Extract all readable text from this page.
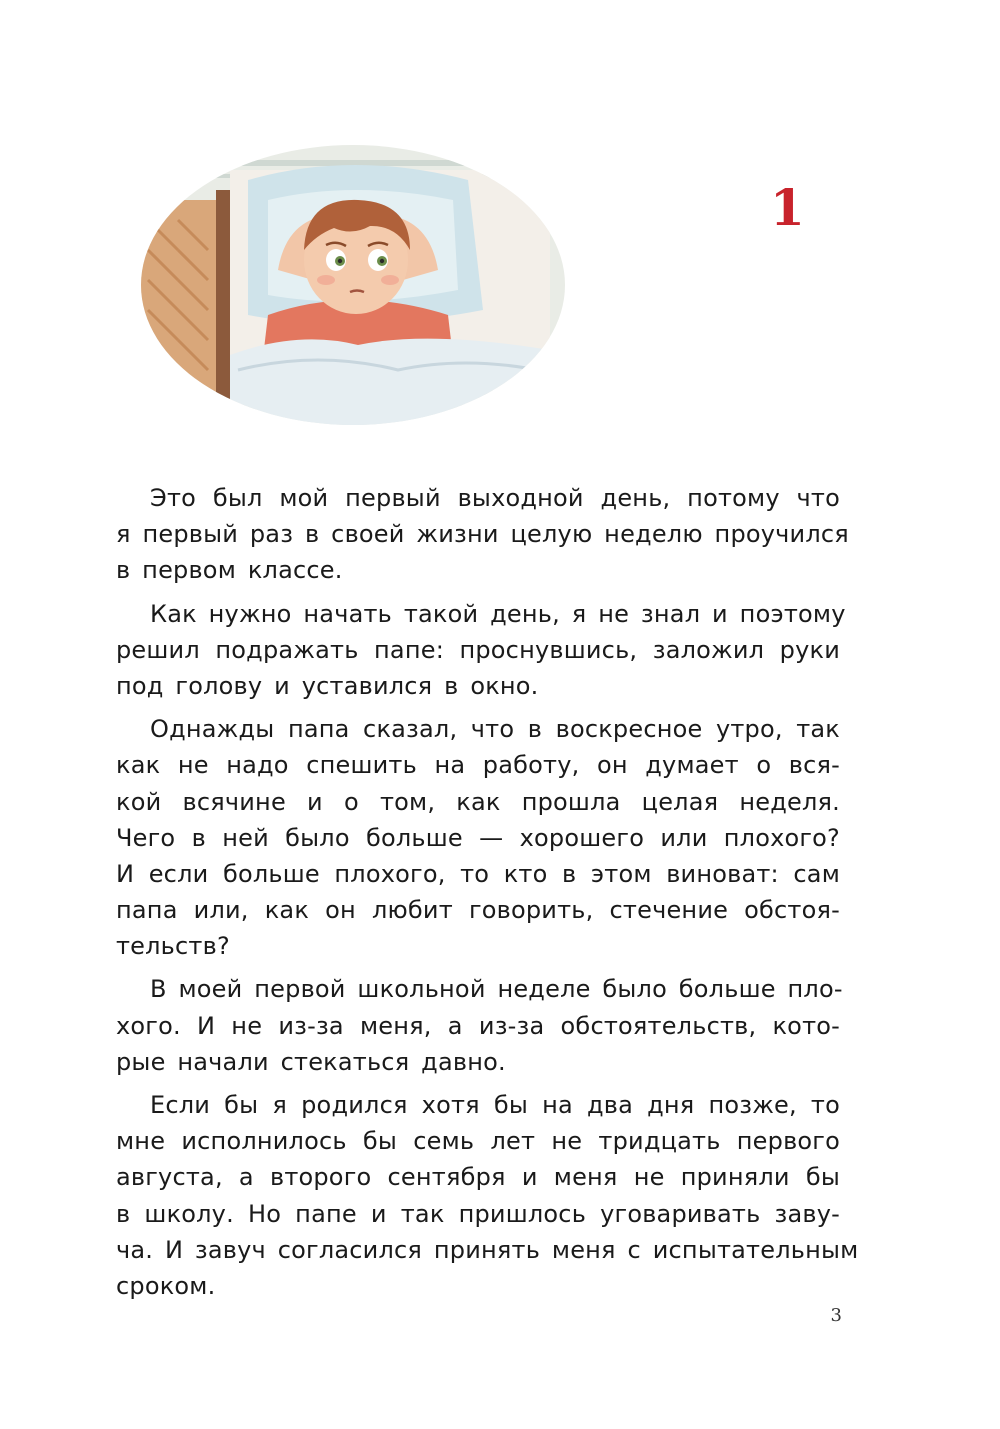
1
Это был мой первый выходной день, потому что
я первый раз в своей жизни целую неделю проучился
в первом классе.
Как нужно начать такой день, я не знал и поэтому
решил подражать папе: проснувшись, заложил руки
под голову и уставился в окно.
Однажды папа сказал, что в воскресное утро, так
как не надо спешить на работу, он думает о вся-
кой всячине и о том, как прошла целая неделя.
Чего в ней было больше — хорошего или плохого?
И если больше плохого, то кто в этом виноват: сам
папа или, как он любит говорить, стечение обстоя-
тельств?
В моей первой школьной неделе было больше пло-
хого. И не из-за меня, а из-за обстоятельств, кото-
рые начали стекаться давно.
Если бы я родился хотя бы на два дня позже, то
мне исполнилось бы семь лет не тридцать первого
августа, а второго сентября и меня не приняли бы
в школу. Но папе и так пришлось уговаривать заву-
ча. И завуч согласился принять меня с испытательным
сроком.
3
